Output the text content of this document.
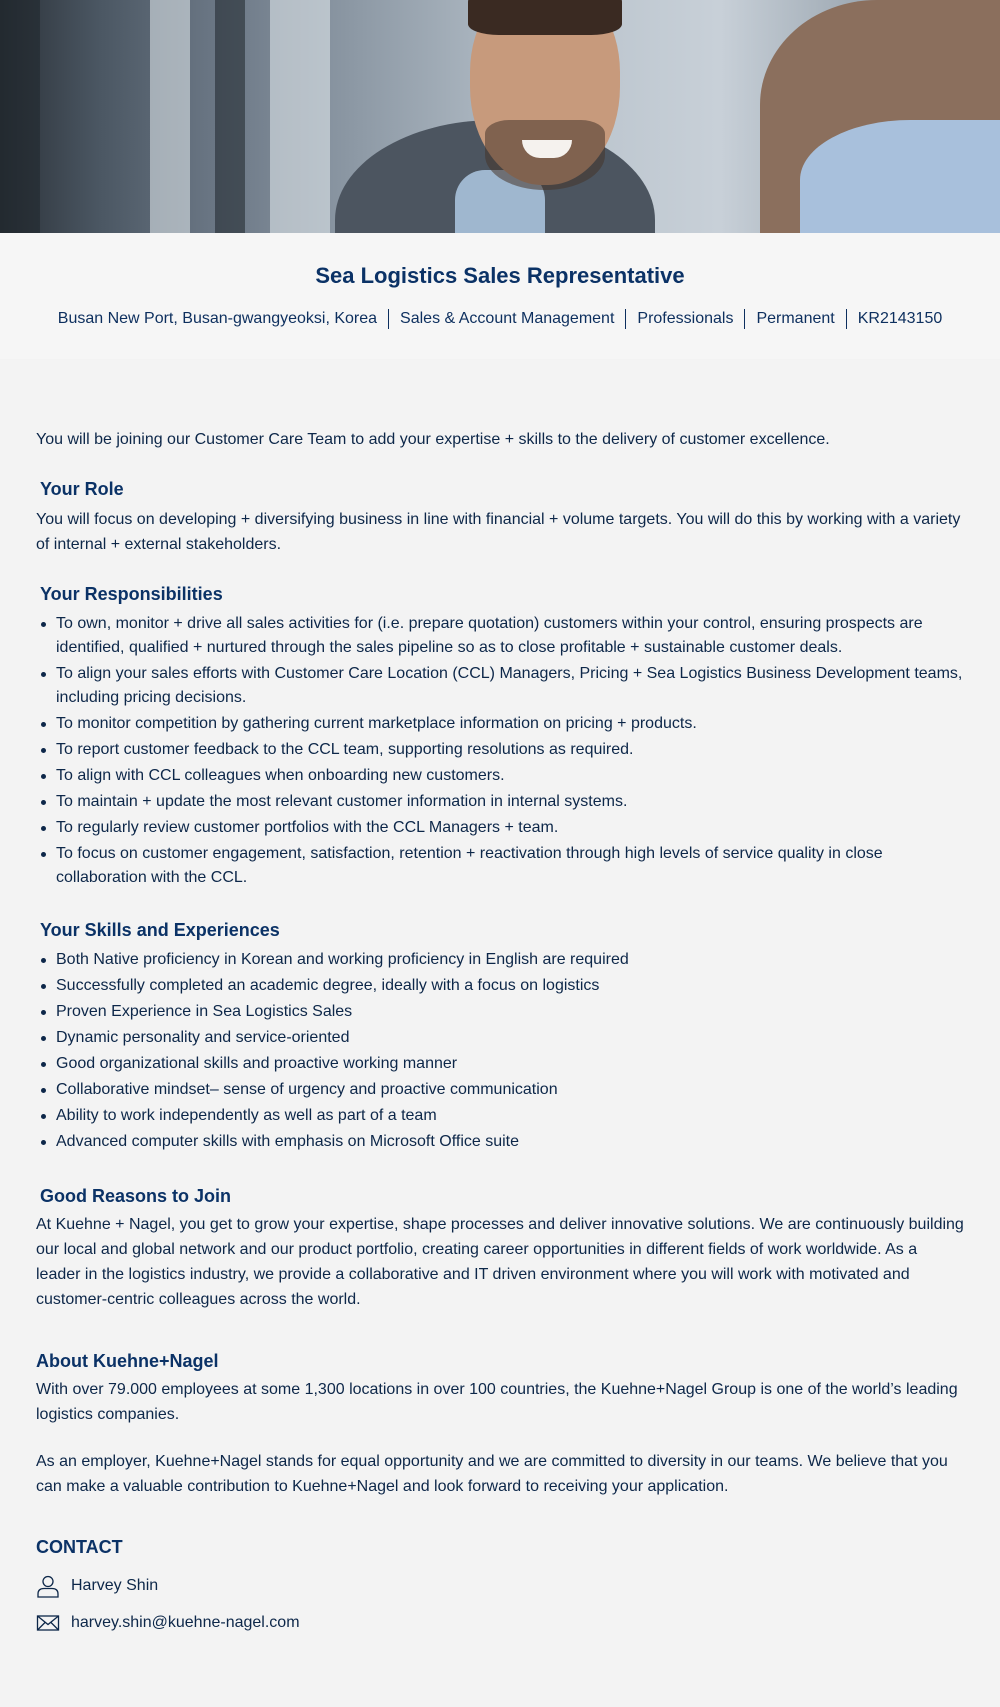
Sea Logistics Sales Representative
Busan New Port, Busan-gwangyeoksi, Korea Sales & Account Management Professionals Permanent KR2143150

You will be joining our Customer Care Team to add your expertise + skills to the delivery of customer excellence.

Your Role

You will focus on developing + diversifying business in line with financial + volume targets. You will do this by working with a variety of internal + external stakeholders.

Your Responsibilities
To own, monitor + drive all sales activities for (i.e. prepare quotation) customers within your control, ensuring prospects are identified, qualified + nurtured through the sales pipeline so as to close profitable + sustainable customer deals.
To align your sales efforts with Customer Care Location (CCL) Managers, Pricing + Sea Logistics Business Development teams, including pricing decisions.
To monitor competition by gathering current marketplace information on pricing + products.
To report customer feedback to the CCL team, supporting resolutions as required.
To align with CCL colleagues when onboarding new customers.
To maintain + update the most relevant customer information in internal systems.
To regularly review customer portfolios with the CCL Managers + team.
To focus on customer engagement, satisfaction, retention + reactivation through high levels of service quality in close collaboration with the CCL.
Your Skills and Experiences
Both Native proficiency in Korean and working proficiency in English are required
Successfully completed an academic degree, ideally with a focus on logistics
Proven Experience in Sea Logistics Sales
Dynamic personality and service-oriented
Good organizational skills and proactive working manner
Collaborative mindset– sense of urgency and proactive communication
Ability to work independently as well as part of a team
Advanced computer skills with emphasis on Microsoft Office suite
Good Reasons to Join

At Kuehne + Nagel, you get to grow your expertise, shape processes and deliver innovative solutions. We are continuously building our local and global network and our product portfolio, creating career opportunities in different fields of work worldwide. As a leader in the logistics industry, we provide a collaborative and IT driven environment where you will work with motivated and customer-centric colleagues across the world.

About Kuehne+Nagel

With over 79.000 employees at some 1,300 locations in over 100 countries, the Kuehne+Nagel Group is one of the world’s leading logistics companies.

As an employer, Kuehne+Nagel stands for equal opportunity and we are committed to diversity in our teams. We believe that you can make a valuable contribution to Kuehne+Nagel and look forward to receiving your application.

CONTACT
Harvey Shin
harvey.shin@kuehne-nagel.com
